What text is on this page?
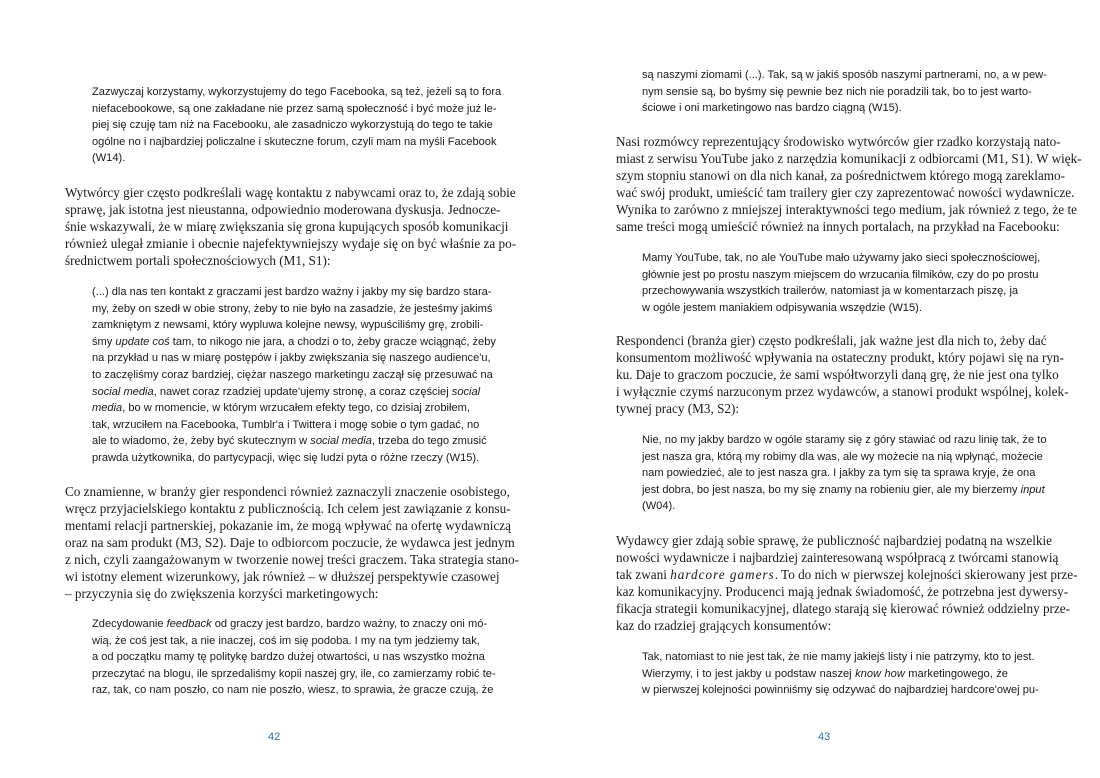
Zazwyczaj korzystamy, wykorzystujemy do tego Facebooka, są też, jeżeli są to fora
niefacebookowe, są one zakładane nie przez samą społeczność i być może już le-
piej się czuję tam niż na Facebooku, ale zasadniczo wykorzystują do tego te takie
ogólne no i najbardziej policzalne i skuteczne forum, czyli mam na myśli Facebook
(W14).
Wytwórcy gier często podkreślali wagę kontaktu z nabywcami oraz to, że zdają sobie
sprawę, jak istotna jest nieustanna, odpowiednio moderowana dyskusja. Jednocze-
śnie wskazywali, że w miarę zwiększania się grona kupujących sposób komunikacji
również ulegał zmianie i obecnie najefektywniejszy wydaje się on być właśnie za po-
średnictwem portali społecznościowych (M1, S1):
(...) dla nas ten kontakt z graczami jest bardzo ważny i jakby my się bardzo stara-
my, żeby on szedł w obie strony, żeby to nie było na zasadzie, że jesteśmy jakimś
zamkniętym z newsami, który wypluwa kolejne newsy, wypuściliśmy grę, zrobili-
śmy update coś tam, to nikogo nie jara, a chodzi o to, żeby gracze wciągnąć, żeby
na przykład u nas w miarę postępów i jakby zwiększania się naszego audience'u,
to zaczęliśmy coraz bardziej, ciężar naszego marketingu zaczął się przesuwać na
social media, nawet coraz rzadziej update'ujemy stronę, a coraz częściej social
media, bo w momencie, w którym wrzucałem efekty tego, co dzisiaj zrobiłem,
tak, wrzuciłem na Facebooka, Tumblr'a i Twittera i mogę sobie o tym gadać, no
ale to wiadomo, że, żeby być skutecznym w social media, trzeba do tego zmusić
prawda użytkownika, do partycypacji, więc się ludzi pyta o różne rzeczy (W15).
Co znamienne, w branży gier respondenci również zaznaczyli znaczenie osobistego,
wręcz przyjacielskiego kontaktu z publicznością. Ich celem jest zawiązanie z konsu-
mentami relacji partnerskiej, pokazanie im, że mogą wpływać na ofertę wydawniczą
oraz na sam produkt (M3, S2). Daje to odbiorcom poczucie, że wydawca jest jednym
z nich, czyli zaangażowanym w tworzenie nowej treści graczem. Taka strategia stano-
wi istotny element wizerunkowy, jak również – w dłuższej perspektywie czasowej
– przyczynia się do zwiększenia korzyści marketingowych:
Zdecydowanie feedback od graczy jest bardzo, bardzo ważny, to znaczy oni mó-
wią, że coś jest tak, a nie inaczej, coś im się podoba. I my na tym jedziemy tak,
a od początku mamy tę politykę bardzo dużej otwartości, u nas wszystko można
przeczytać na blogu, ile sprzedaliśmy kopii naszej gry, ile, co zamierzamy robić te-
raz, tak, co nam poszło, co nam nie poszło, wiesz, to sprawia, że gracze czują, że
42
są naszymi ziomami (...). Tak, są w jakiś sposób naszymi partnerami, no, a w pew-
nym sensie są, bo byśmy się pewnie bez nich nie poradzili tak, bo to jest warto-
ściowe i oni marketingowo nas bardzo ciągną (W15).
Nasi rozmówcy reprezentujący środowisko wytwórców gier rzadko korzystają nato-
miast z serwisu YouTube jako z narzędzia komunikacji z odbiorcami (M1, S1). W więk-
szym stopniu stanowi on dla nich kanał, za pośrednictwem którego mogą zareklamo-
wać swój produkt, umieścić tam trailery gier czy zaprezentować nowości wydawnicze.
Wynika to zarówno z mniejszej interaktywności tego medium, jak również z tego, że te
same treści mogą umieścić również na innych portalach, na przykład na Facebooku:
Mamy YouTube, tak, no ale YouTube mało używamy jako sieci społecznościowej,
głównie jest po prostu naszym miejscem do wrzucania filmików, czy do po prostu
przechowywania wszystkich trailerów, natomiast ja w komentarzach piszę, ja
w ogóle jestem maniakiem odpisywania wszędzie (W15).
Respondenci (branża gier) często podkreślali, jak ważne jest dla nich to, żeby dać
konsumentom możliwość wpływania na ostateczny produkt, który pojawi się na ryn-
ku. Daje to graczom poczucie, że sami współtworzyli daną grę, że nie jest ona tylko
i wyłącznie czymś narzuconym przez wydawców, a stanowi produkt wspólnej, kolek-
tywnej pracy (M3, S2):
Nie, no my jakby bardzo w ogóle staramy się z góry stawiać od razu linię tak, że to
jest nasza gra, którą my robimy dla was, ale wy możecie na nią wpłynąć, możecie
nam powiedzieć, ale to jest nasza gra. I jakby za tym się ta sprawa kryje, że ona
jest dobra, bo jest nasza, bo my się znamy na robieniu gier, ale my bierzemy input
(W04).
Wydawcy gier zdają sobie sprawę, że publiczność najbardziej podatną na wszelkie
nowości wydawnicze i najbardziej zainteresowaną współpracą z twórcami stanowią
tak zwani hardcore gamers. To do nich w pierwszej kolejności skierowany jest prze-
kaz komunikacyjny. Producenci mają jednak świadomość, że potrzebna jest dywersy-
fikacja strategii komunikacyjnej, dlatego starają się kierować również oddzielny prze-
kaz do rzadziej grających konsumentów:
Tak, natomiast to nie jest tak, że nie mamy jakiejś listy i nie patrzymy, kto to jest.
Wierzymy, i to jest jakby u podstaw naszej know how marketingowego, że
w pierwszej kolejności powinniśmy się odzywać do najbardziej hardcore'owej pu-
43
